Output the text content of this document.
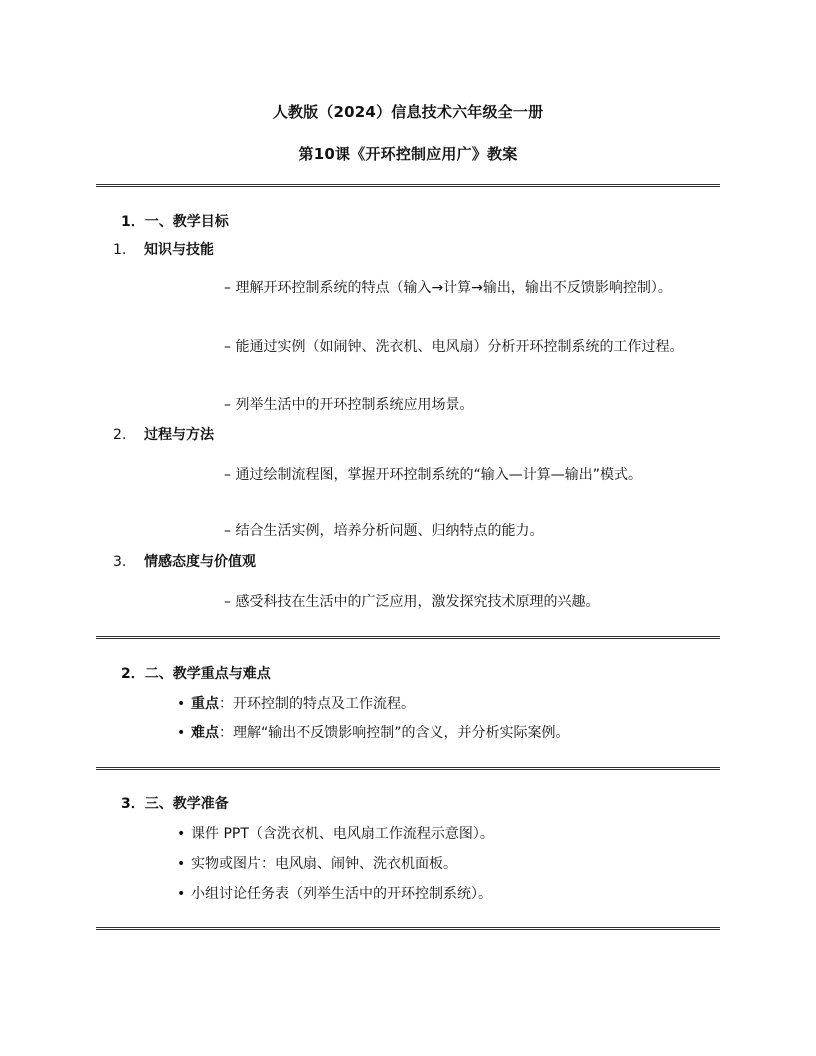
人教版（2024）信息技术六年级全一册
第10课《开环控制应用广》教案
1．一、教学目标
1. 知识与技能
– 理解开环控制系统的特点（输入→计算→输出，输出不反馈影响控制）。
– 能通过实例（如闹钟、洗衣机、电风扇）分析开环控制系统的工作过程。
– 列举生活中的开环控制系统应用场景。
2. 过程与方法
– 通过绘制流程图，掌握开环控制系统的“输入—计算—输出”模式。
– 结合生活实例，培养分析问题、归纳特点的能力。
3. 情感态度与价值观
– 感受科技在生活中的广泛应用，激发探究技术原理的兴趣。
2．二、教学重点与难点
• 重点：开环控制的特点及工作流程。
• 难点：理解“输出不反馈影响控制”的含义，并分析实际案例。
3．三、教学准备
• 课件 PPT（含洗衣机、电风扇工作流程示意图）。
• 实物或图片：电风扇、闹钟、洗衣机面板。
• 小组讨论任务表（列举生活中的开环控制系统）。
